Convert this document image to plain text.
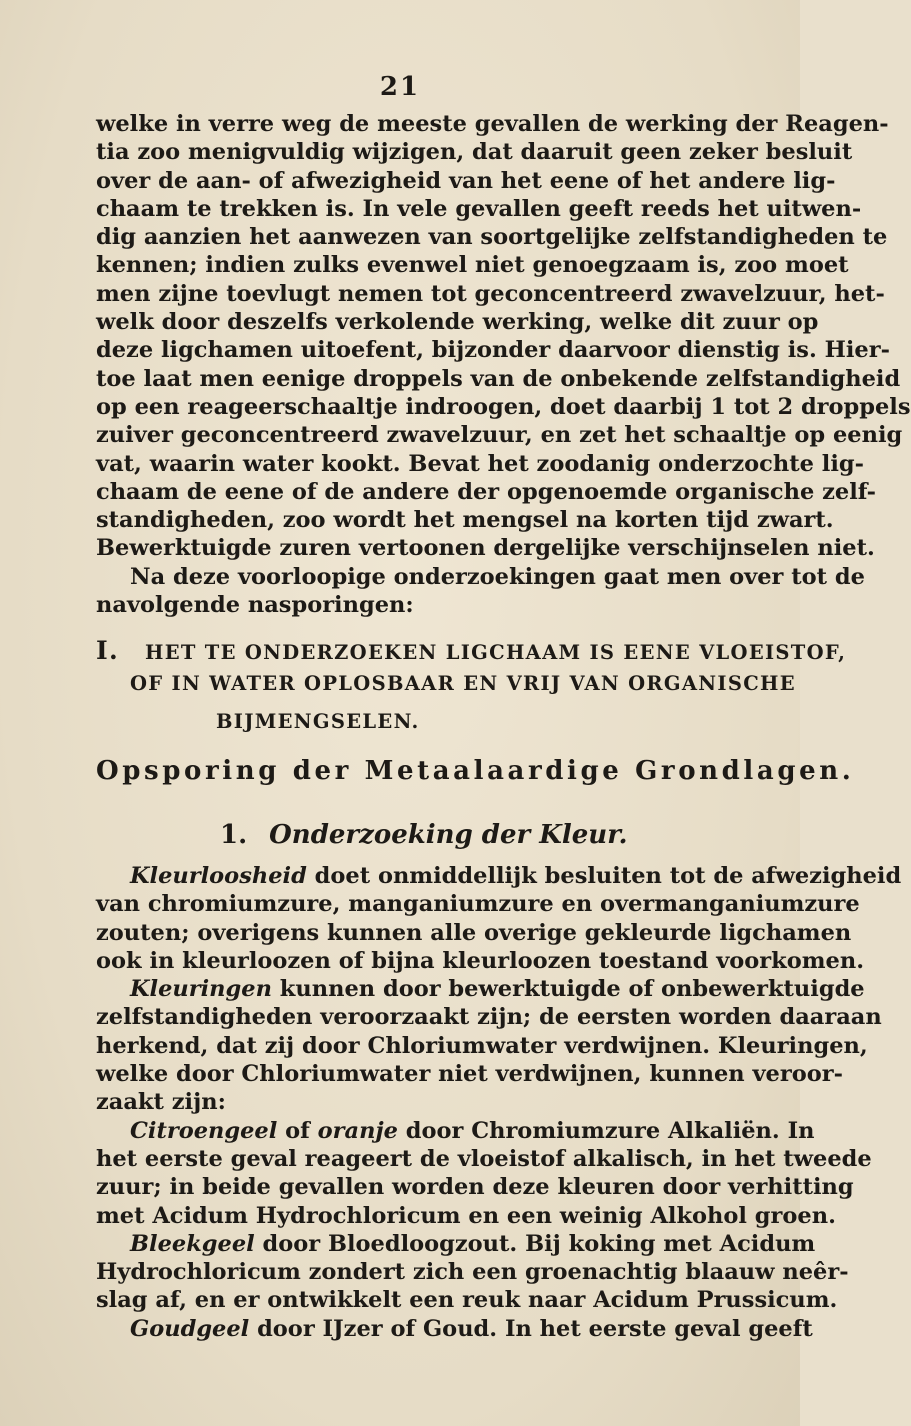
21
welke in verre weg de meeste gevallen de werking der Reagen-
tia zoo menigvuldig wijzigen, dat daaruit geen zeker besluit
over de aan- of afwezigheid van het eene of het andere lig-
chaam te trekken is. In vele gevallen geeft reeds het uitwen-
dig aanzien het aanwezen van soortgelijke zelfstandigheden te
kennen; indien zulks evenwel niet genoegzaam is, zoo moet
men zijne toevlugt nemen tot geconcentreerd zwavelzuur, het-
welk door deszelfs verkolende werking, welke dit zuur op
deze ligchamen uitoefent, bijzonder daarvoor dienstig is. Hier-
toe laat men eenige droppels van de onbekende zelfstandigheid
op een reageerschaaltje indroogen, doet daarbij 1 tot 2 droppels
zuiver geconcentreerd zwavelzuur, en zet het schaaltje op eenig
vat, waarin water kookt. Bevat het zoodanig onderzochte lig-
chaam de eene of de andere der opgenoemde organische zelf-
standigheden, zoo wordt het mengsel na korten tijd zwart.
Bewerktuigde zuren vertoonen dergelijke verschijnselen niet.
Na deze voorloopige onderzoekingen gaat men over tot de
navolgende nasporingen:
I. HET TE ONDERZOEKEN LIGCHAAM IS EENE VLOEISTOF,
OF IN WATER OPLOSBAAR EN VRIJ VAN ORGANISCHE
BIJMENGSELEN.
Opsporing der Metaalaardige Grondlagen.
1. Onderzoeking der Kleur.
Kleurloosheid doet onmiddellijk besluiten tot de afwezigheid
van chromiumzure, manganiumzure en overmanganiumzure
zouten; overigens kunnen alle overige gekleurde ligchamen
ook in kleurloozen of bijna kleurloozen toestand voorkomen.
Kleuringen kunnen door bewerktuigde of onbewerktuigde
zelfstandigheden veroorzaakt zijn; de eersten worden daaraan
herkend, dat zij door Chloriumwater verdwijnen. Kleuringen,
welke door Chloriumwater niet verdwijnen, kunnen veroor-
zaakt zijn:
Citroengeel of oranje door Chromiumzure Alkaliën. In
het eerste geval reageert de vloeistof alkalisch, in het tweede
zuur; in beide gevallen worden deze kleuren door verhitting
met Acidum Hydrochloricum en een weinig Alkohol groen.
Bleekgeel door Bloedloogzout. Bij koking met Acidum
Hydrochloricum zondert zich een groenachtig blaauw neêr-
slag af, en er ontwikkelt een reuk naar Acidum Prussicum.
Goudgeel door IJzer of Goud. In het eerste geval geeft
